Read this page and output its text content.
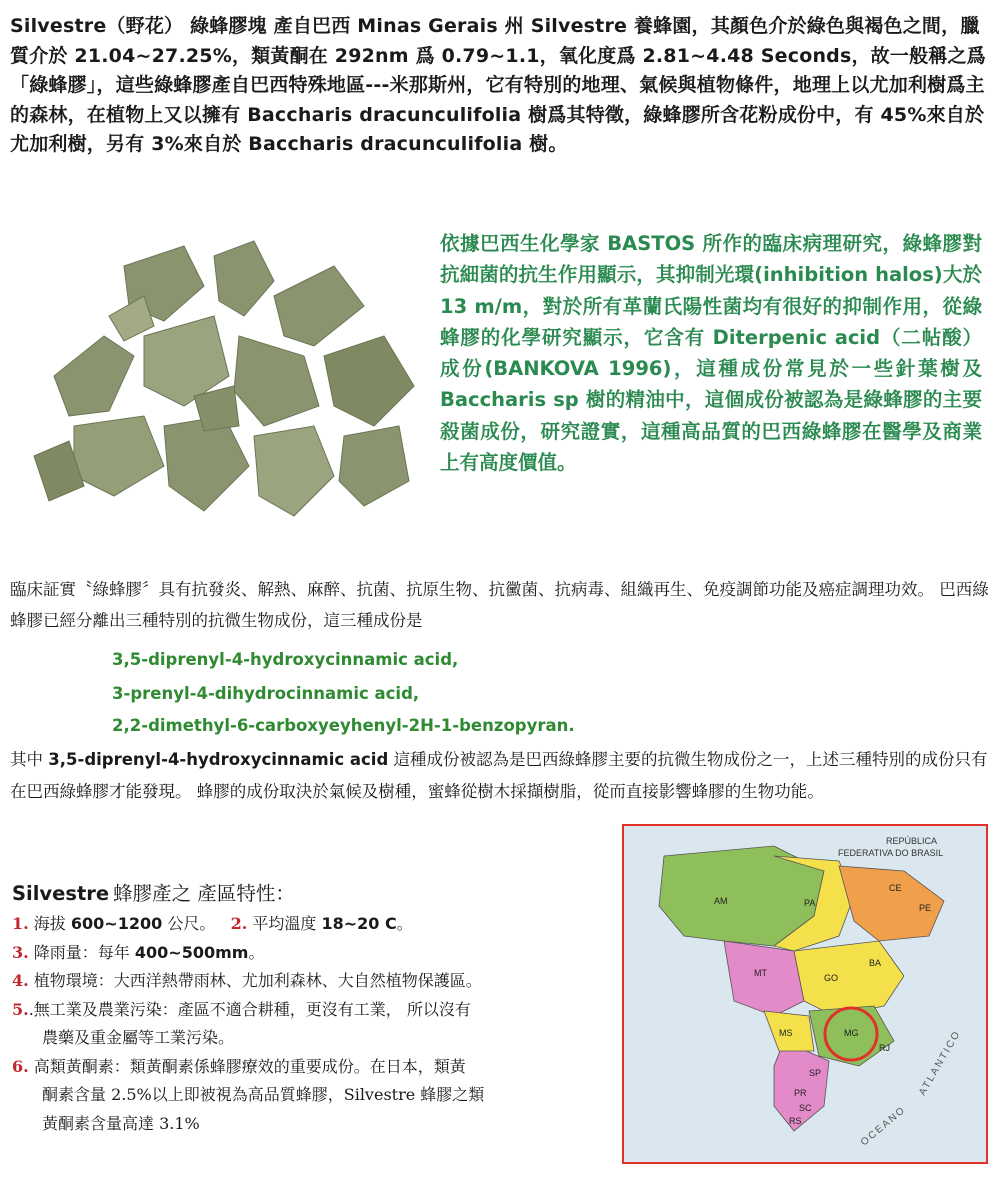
Silvestre（野花） 綠蜂膠塊 產自巴西 Minas Gerais 州 Silvestre 養蜂園，其顏色介於綠色與褐色之間，臘質介於 21.04~27.25%，類黃酮在 292nm 爲 0.79~1.1，氧化度爲 2.81~4.48 Seconds，故一般稱之爲「綠蜂膠」，這些綠蜂膠產自巴西特殊地區---米那斯州，它有特別的地理、氣候與植物條件，地理上以尤加利樹爲主的森林，在植物上又以擁有 Baccharis dracunculifolia 樹爲其特徵，綠蜂膠所含花粉成份中，有 45%來自於尤加利樹，另有 3%來自於 Baccharis dracunculifolia 樹。
依據巴西生化學家 BASTOS 所作的臨床病理研究，綠蜂膠對抗細菌的抗生作用顯示，其抑制光環(inhibition halos)大於 13 m/m，對於所有革蘭氏陽性菌均有很好的抑制作用，從綠蜂膠的化學研究顯示，它含有 Diterpenic acid（二帖酸）成份(BANKOVA 1996)，這種成份常見於一些針葉樹及 Baccharis sp 樹的精油中，這個成份被認為是綠蜂膠的主要殺菌成份，研究證實，這種高品質的巴西綠蜂膠在醫學及商業上有高度價值。
臨床証實〝綠蜂膠〞具有抗發炎、解熱、麻醉、抗菌、抗原生物、抗黴菌、抗病毒、組織再生、免疫調節功能及癌症調理功效。 巴西綠蜂膠已經分離出三種特別的抗微生物成份，這三種成份是
3,5-diprenyl-4-hydroxycinnamic acid,
3-prenyl-4-dihydrocinnamic acid,
2,2-dimethyl-6-carboxyeyhenyl-2H-1-benzopyran.
其中 3,5-diprenyl-4-hydroxycinnamic acid 這種成份被認為是巴西綠蜂膠主要的抗微生物成份之一，上述三種特別的成份只有在巴西綠蜂膠才能發現。 蜂膠的成份取決於氣候及樹種，蜜蜂從樹木採擷樹脂，從而直接影響蜂膠的生物功能。
Silvestre 蜂膠產之 產區特性：
1. 海拔 600~1200 公尺。 2. 平均溫度 18~20 C。
3. 降雨量：每年 400~500mm。
4. 植物環境：大西洋熱帶雨林、尤加利森林、大自然植物保護區。
5..無工業及農業污染：產區不適合耕種，更沒有工業， 所以沒有
農藥及重金屬等工業污染。
6. 高類黃酮素：類黃酮素係蜂膠療效的重要成份。在日本，類黃
酮素含量 2.5%以上即被視為高品質蜂膠，Silvestre 蜂膠之類
黃酮素含量高達 3.1%
REPÚBLICA
FEDERATIVA DO BRASIL
AM	PA
MT	GO
BA
MG
SP
PR
RS
MS
RJ
SC
PE
CE
ATLANTICO
OCEANO
